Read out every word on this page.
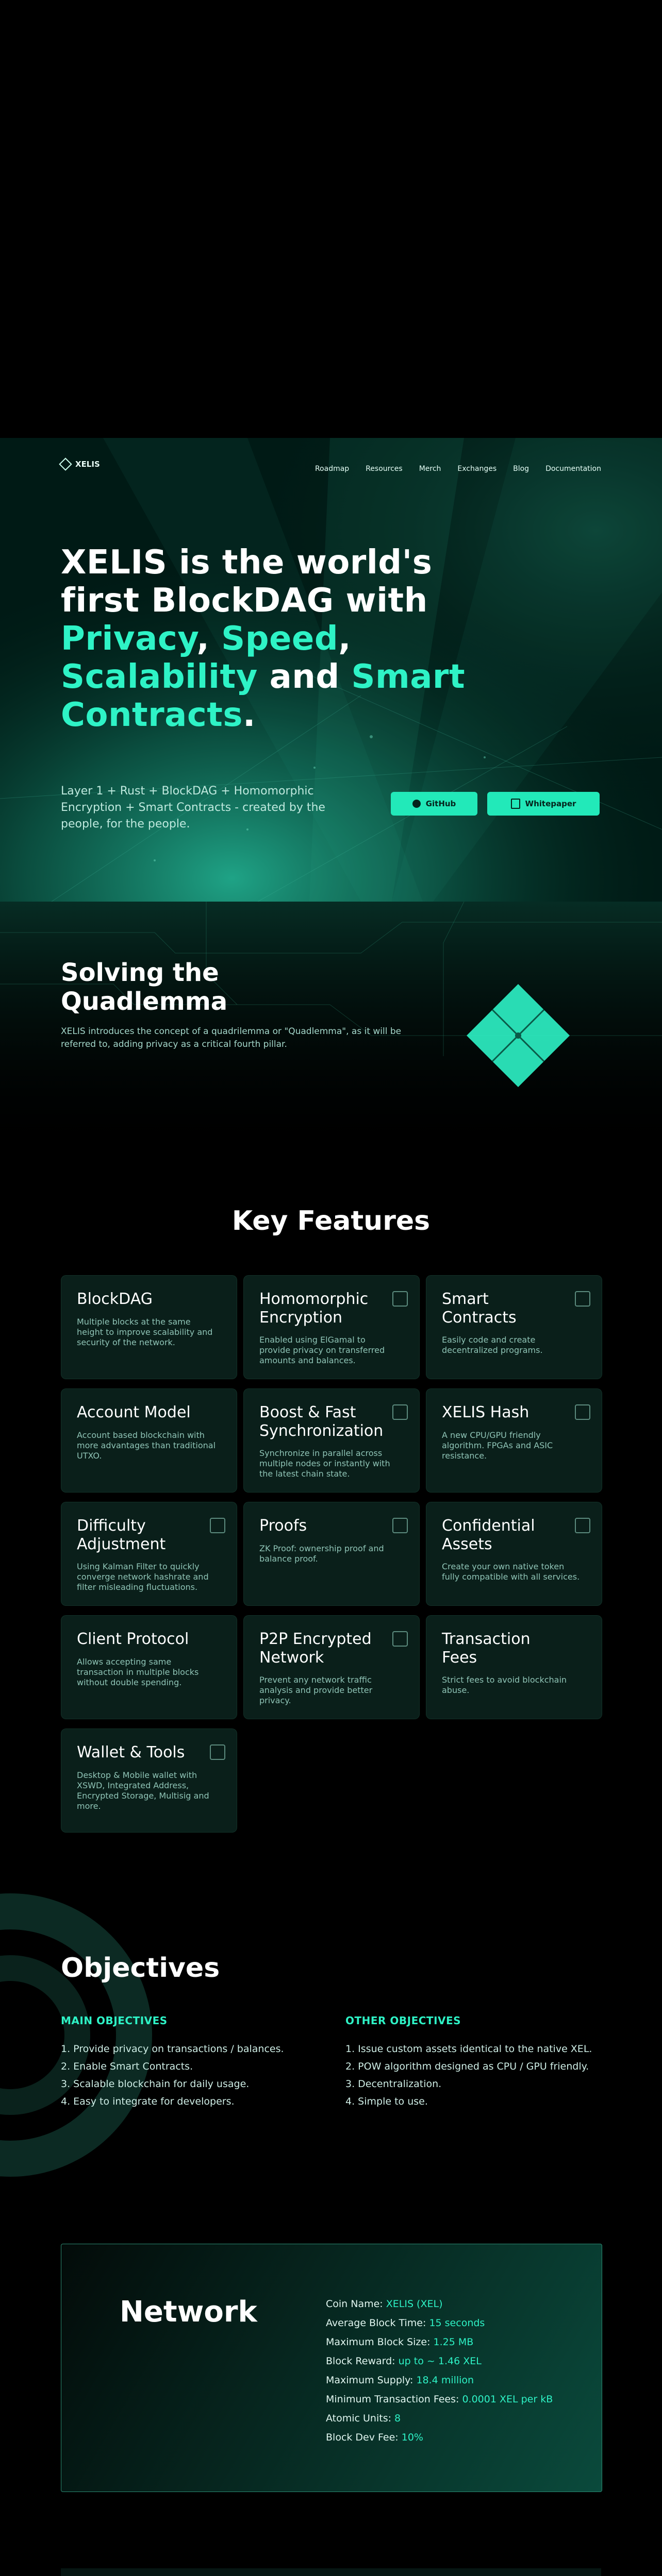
XELIS	Roadmap Resources Merch Exchanges Blog Documentation
XELIS is the world's
first BlockDAG with
Privacy, Speed,
Scalability and Smart
Contracts.
Layer 1 + Rust + BlockDAG + Homomorphic Encryption + Smart Contracts - created by the people, for the people.
GitHub	Whitepaper
Solving the Quadlemma
XELIS introduces the concept of a quadrilemma or "Quadlemma", as it will be referred to, adding privacy as a critical fourth pillar.
Key Features
BlockDAG

Multiple blocks at the same height to improve scalability and security of the network.

Homomorphic Encryption

Enabled using ElGamal to provide privacy on transferred amounts and balances.

Smart Contracts

Easily code and create decentralized programs.

Account Model

Account based blockchain with more advantages than traditional UTXO.

Boost & Fast Synchronization

Synchronize in parallel across multiple nodes or instantly with the latest chain state.

XELIS Hash

A new CPU/GPU friendly algorithm. FPGAs and ASIC resistance.

Difficulty Adjustment

Using Kalman Filter to quickly converge network hashrate and filter misleading fluctuations.

Proofs

ZK Proof: ownership proof and balance proof.

Confidential Assets

Create your own native token fully compatible with all services.

Client Protocol

Allows accepting same transaction in multiple blocks without double spending.

P2P Encrypted Network

Prevent any network traffic analysis and provide better privacy.

Transaction Fees

Strict fees to avoid blockchain abuse.

Wallet & Tools

Desktop & Mobile wallet with XSWD, Integrated Address, Encrypted Storage, Multisig and more.

Objectives
MAIN OBJECTIVES
1. Provide privacy on transactions / balances.
2. Enable Smart Contracts.
3. Scalable blockchain for daily usage.
4. Easy to integrate for developers.
OTHER OBJECTIVES
1. Issue custom assets identical to the native XEL.
2. POW algorithm designed as CPU / GPU friendly.
3. Decentralization.
4. Simple to use.
Network	Coin Name: XELIS (XEL)
Average Block Time: 15 seconds
Maximum Block Size: 1.25 MB
Block Reward: up to ~ 1.46 XEL
Maximum Supply: 18.4 million
Minimum Transaction Fees: 0.0001 XEL per kB
Atomic Units: 8
Block Dev Fee: 10%
